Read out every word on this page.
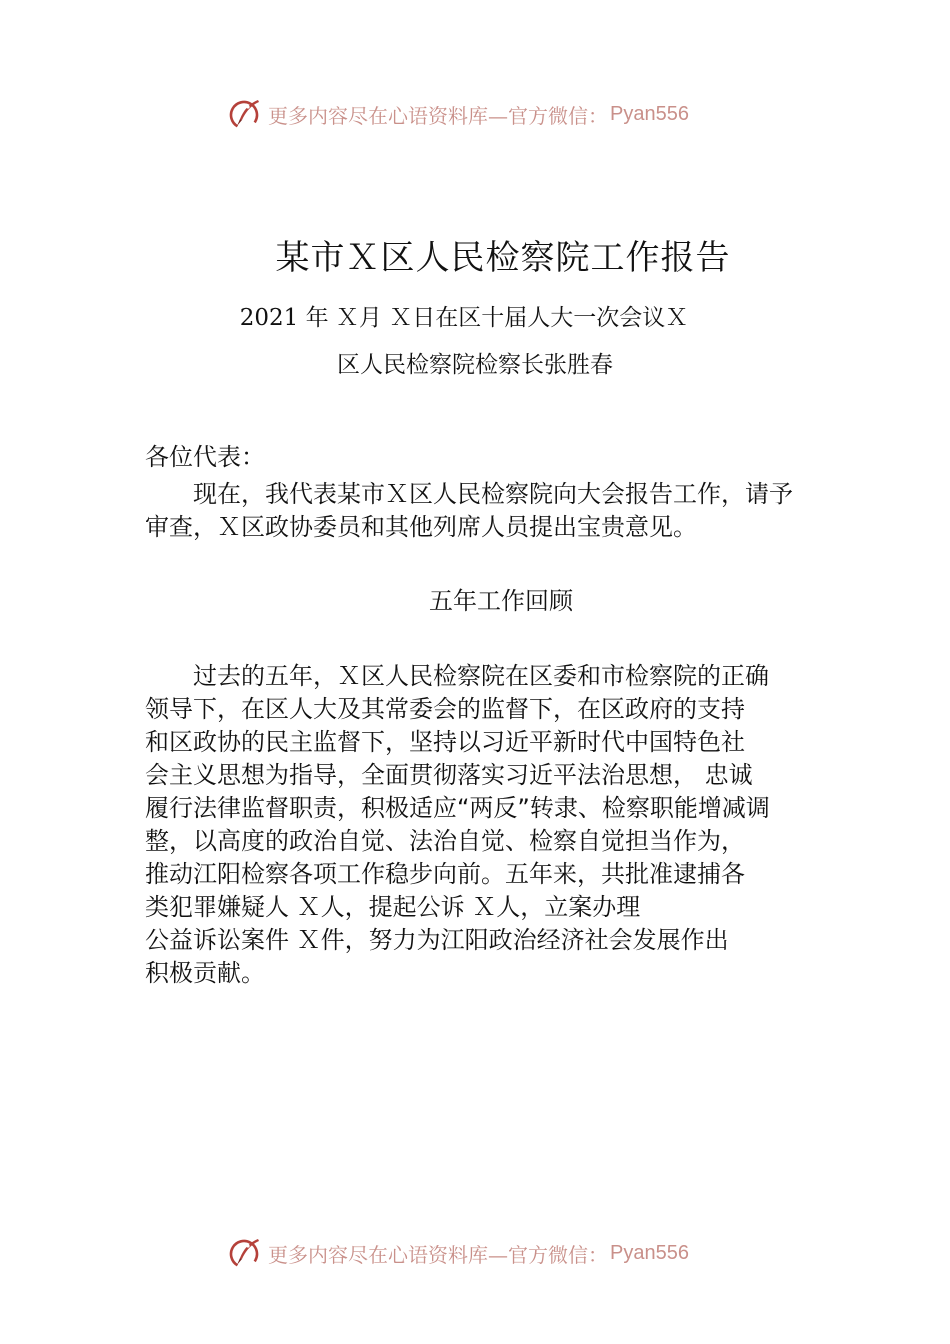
更多内容尽在心语资料库—官方微信： Pyan556
某市Ｘ区人民检察院工作报告
2021 年 Ｘ月 Ｘ日在区十届人大一次会议Ｘ
区人民检察院检察长张胜春
各位代表：
现在，我代表某市Ｘ区人民检察院向大会报告工作，请予审查，Ｘ区政协委员和其他列席人员提出宝贵意见。
五年工作回顾
过去的五年，Ｘ区人民检察院在区委和市检察院的正确
领导下，在区人大及其常委会的监督下，在区政府的支持
和区政协的民主监督下，坚持以习近平新时代中国特色社
会主义思想为指导，全面贯彻落实习近平法治思想， 忠诚
履行法律监督职责，积极适应“两反”转隶、检察职能增减调
整，以高度的政治自觉、法治自觉、检察自觉担当作为，
推动江阳检察各项工作稳步向前。五年来，共批准逮捕各
类犯罪嫌疑人 Ｘ人，提起公诉 Ｘ人，立案办理
公益诉讼案件 Ｘ件，努力为江阳政治经济社会发展作出
积极贡献。
更多内容尽在心语资料库—官方微信： Pyan556
